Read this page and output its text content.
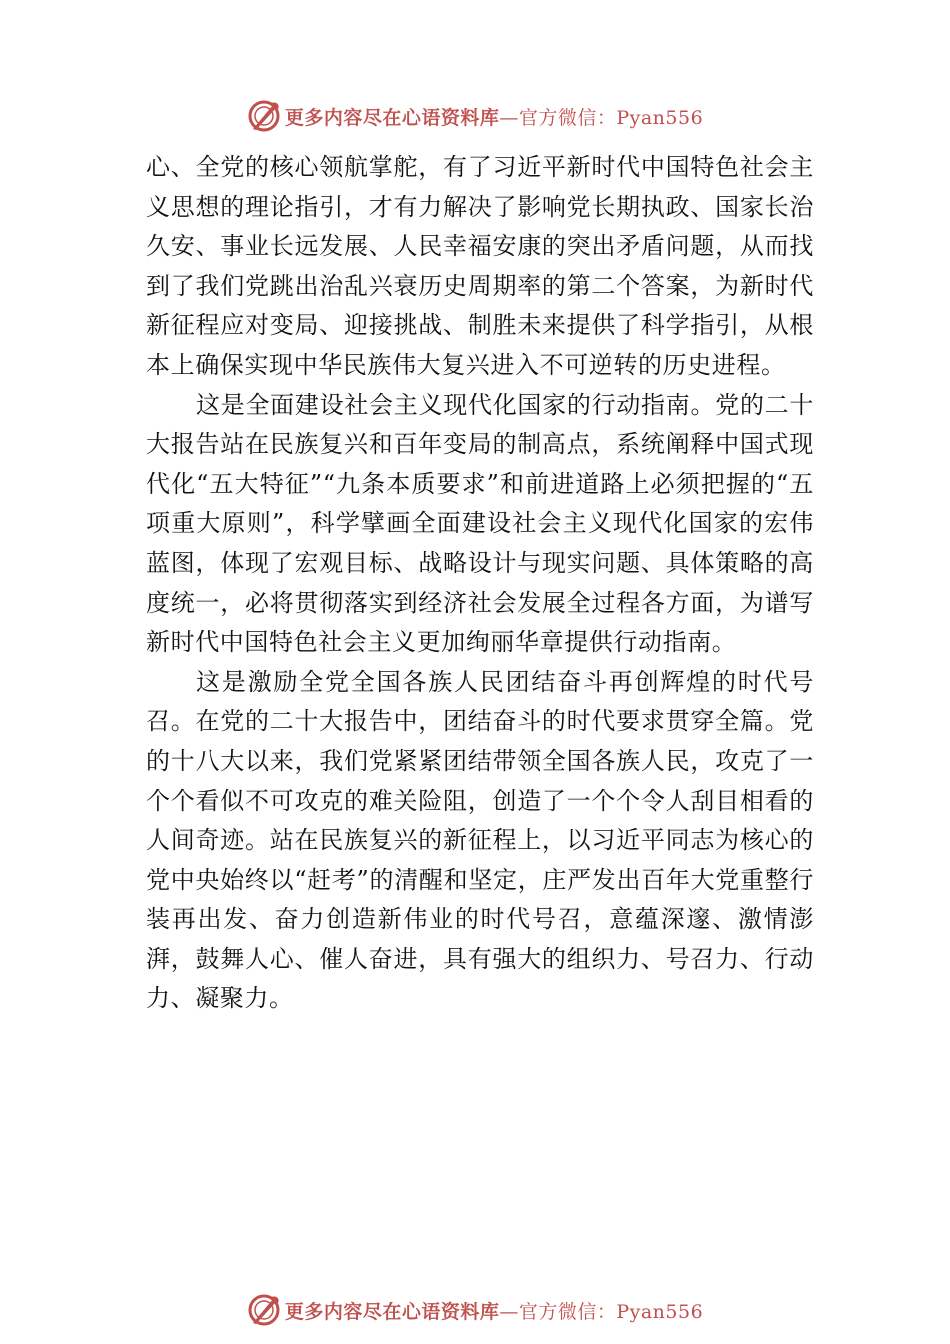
更多内容尽在心语资料库—官方微信：Pyan556

心、全党的核心领航掌舵，有了习近平新时代中国特色社会主义思想的理论指引，才有力解决了影响党长期执政、国家长治久安、事业长远发展、人民幸福安康的突出矛盾问题，从而找到了我们党跳出治乱兴衰历史周期率的第二个答案，为新时代新征程应对变局、迎接挑战、制胜未来提供了科学指引，从根本上确保实现中华民族伟大复兴进入不可逆转的历史进程。

这是全面建设社会主义现代化国家的行动指南。党的二十大报告站在民族复兴和百年变局的制高点，系统阐释中国式现代化“五大特征”“九条本质要求”和前进道路上必须把握的“五项重大原则”，科学擘画全面建设社会主义现代化国家的宏伟蓝图，体现了宏观目标、战略设计与现实问题、具体策略的高度统一，必将贯彻落实到经济社会发展全过程各方面，为谱写新时代中国特色社会主义更加绚丽华章提供行动指南。

这是激励全党全国各族人民团结奋斗再创辉煌的时代号召。在党的二十大报告中，团结奋斗的时代要求贯穿全篇。党的十八大以来，我们党紧紧团结带领全国各族人民，攻克了一个个看似不可攻克的难关险阻，创造了一个个令人刮目相看的人间奇迹。站在民族复兴的新征程上，以习近平同志为核心的党中央始终以“赶考”的清醒和坚定，庄严发出百年大党重整行装再出发、奋力创造新伟业的时代号召，意蕴深邃、激情澎湃，鼓舞人心、催人奋进，具有强大的组织力、号召力、行动力、凝聚力。

更多内容尽在心语资料库—官方微信：Pyan556
